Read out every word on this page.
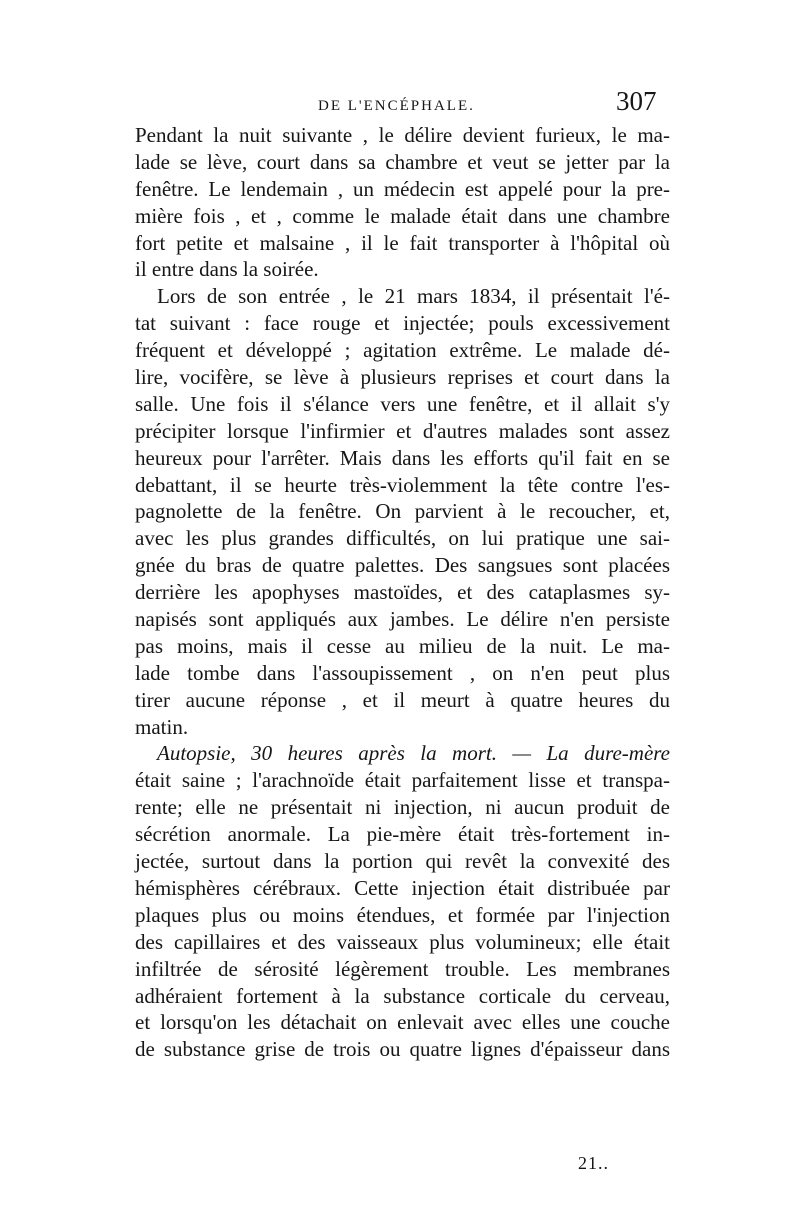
DE L'ENCÉPHALE.	307
Pendant la nuit suivante , le délire devient furieux, le ma-
lade se lève, court dans sa chambre et veut se jetter par la
fenêtre. Le lendemain , un médecin est appelé pour la pre-
mière fois , et , comme le malade était dans une chambre
fort petite et malsaine , il le fait transporter à l'hôpital où
il entre dans la soirée.
Lors de son entrée , le 21 mars 1834, il présentait l'é-
tat suivant : face rouge et injectée; pouls excessivement
fréquent et développé ; agitation extrême. Le malade dé-
lire, vocifère, se lève à plusieurs reprises et court dans la
salle. Une fois il s'élance vers une fenêtre, et il allait s'y
précipiter lorsque l'infirmier et d'autres malades sont assez
heureux pour l'arrêter. Mais dans les efforts qu'il fait en se
debattant, il se heurte très-violemment la tête contre l'es-
pagnolette de la fenêtre. On parvient à le recoucher, et,
avec les plus grandes difficultés, on lui pratique une sai-
gnée du bras de quatre palettes. Des sangsues sont placées
derrière les apophyses mastoïdes, et des cataplasmes sy-
napisés sont appliqués aux jambes. Le délire n'en persiste
pas moins, mais il cesse au milieu de la nuit. Le ma-
lade tombe dans l'assoupissement , on n'en peut plus
tirer aucune réponse , et il meurt à quatre heures du
matin.
Autopsie, 30 heures après la mort. — La dure-mère
était saine ; l'arachnoïde était parfaitement lisse et transpa-
rente; elle ne présentait ni injection, ni aucun produit de
sécrétion anormale. La pie-mère était très-fortement in-
jectée, surtout dans la portion qui revêt la convexité des
hémisphères cérébraux. Cette injection était distribuée par
plaques plus ou moins étendues, et formée par l'injection
des capillaires et des vaisseaux plus volumineux; elle était
infiltrée de sérosité légèrement trouble. Les membranes
adhéraient fortement à la substance corticale du cerveau,
et lorsqu'on les détachait on enlevait avec elles une couche
de substance grise de trois ou quatre lignes d'épaisseur dans
21..
